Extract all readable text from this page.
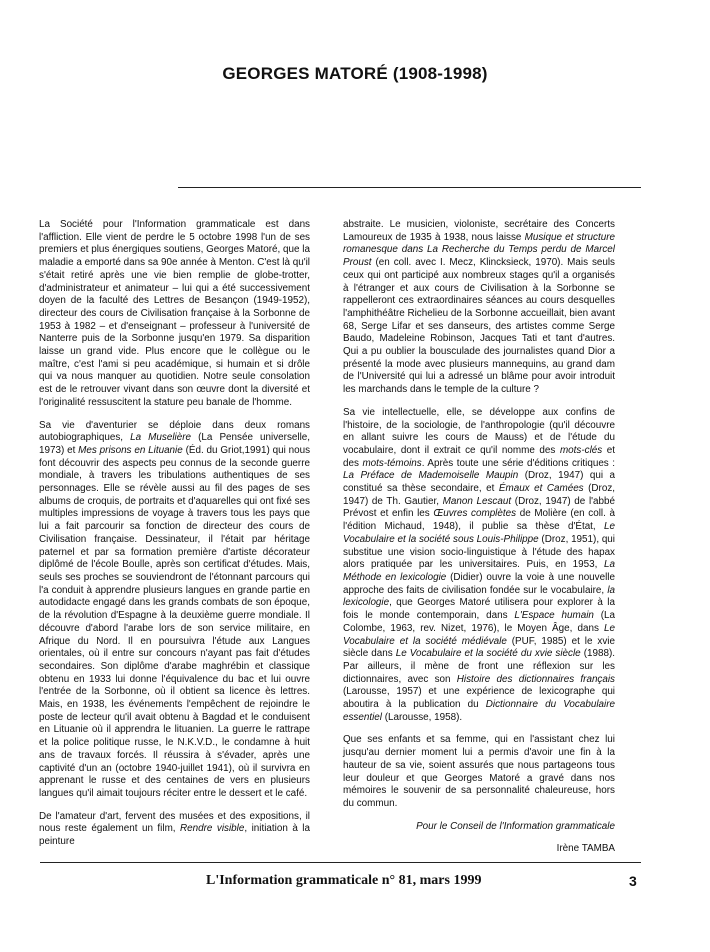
GEORGES MATORÉ (1908-1998)

La Société pour l'Information grammaticale est dans l'affliction. Elle vient de perdre le 5 octobre 1998 l'un de ses premiers et plus énergiques soutiens, Georges Matoré, que la maladie a emporté dans sa 90e année à Menton. C'est là qu'il s'était retiré après une vie bien remplie de globe-trotter, d'administrateur et animateur – lui qui a été successivement doyen de la faculté des Lettres de Besançon (1949-1952), directeur des cours de Civilisation française à la Sorbonne de 1953 à 1982 – et d'enseignant – professeur à l'université de Nanterre puis de la Sorbonne jusqu'en 1979. Sa disparition laisse un grand vide. Plus encore que le collègue ou le maître, c'est l'ami si peu académique, si humain et si drôle qui va nous manquer au quotidien. Notre seule consolation est de le retrouver vivant dans son œuvre dont la diversité et l'originalité ressuscitent la stature peu banale de l'homme.

Sa vie d'aventurier se déploie dans deux romans autobiographiques, La Muselière (La Pensée universelle, 1973) et Mes prisons en Lituanie (Éd. du Griot,1991) qui nous font découvrir des aspects peu connus de la seconde guerre mondiale, à travers les tribulations authentiques de ses personnages. Elle se révèle aussi au fil des pages de ses albums de croquis, de portraits et d'aquarelles qui ont fixé ses multiples impressions de voyage à travers tous les pays que lui a fait parcourir sa fonction de directeur des cours de Civilisation française. Dessinateur, il l'était par héritage paternel et par sa formation première d'artiste décorateur diplômé de l'école Boulle, après son certificat d'études. Mais, seuls ses proches se souviendront de l'étonnant parcours qui l'a conduit à apprendre plusieurs langues en grande partie en autodidacte engagé dans les grands combats de son époque, de la révolution d'Espagne à la deuxième guerre mondiale. Il découvre d'abord l'arabe lors de son service militaire, en Afrique du Nord. Il en poursuivra l'étude aux Langues orientales, où il entre sur concours n'ayant pas fait d'études secondaires. Son diplôme d'arabe maghrébin et classique obtenu en 1933 lui donne l'équivalence du bac et lui ouvre l'entrée de la Sorbonne, où il obtient sa licence ès lettres. Mais, en 1938, les événements l'empêchent de rejoindre le poste de lecteur qu'il avait obtenu à Bagdad et le conduisent en Lituanie où il apprendra le lituanien. La guerre le rattrape et la police politique russe, le N.K.V.D., le condamne à huit ans de travaux forcés. Il réussira à s'évader, après une captivité d'un an (octobre 1940-juillet 1941), où il survivra en apprenant le russe et des centaines de vers en plusieurs langues qu'il aimait toujours réciter entre le dessert et le café.

De l'amateur d'art, fervent des musées et des expositions, il nous reste également un film, Rendre visible, initiation à la peinture

abstraite. Le musicien, violoniste, secrétaire des Concerts Lamoureux de 1935 à 1938, nous laisse Musique et structure romanesque dans La Recherche du Temps perdu de Marcel Proust (en coll. avec I. Mecz, Klincksieck, 1970). Mais seuls ceux qui ont participé aux nombreux stages qu'il a organisés à l'étranger et aux cours de Civilisation à la Sorbonne se rappelleront ces extraordinaires séances au cours desquelles l'amphithéâtre Richelieu de la Sorbonne accueillait, bien avant 68, Serge Lifar et ses danseurs, des artistes comme Serge Baudo, Madeleine Robinson, Jacques Tati et tant d'autres. Qui a pu oublier la bousculade des journalistes quand Dior a présenté la mode avec plusieurs mannequins, au grand dam de l'Université qui lui a adressé un blâme pour avoir introduit les marchands dans le temple de la culture ?

Sa vie intellectuelle, elle, se développe aux confins de l'histoire, de la sociologie, de l'anthropologie (qu'il découvre en allant suivre les cours de Mauss) et de l'étude du vocabulaire, dont il extrait ce qu'il nomme des mots-clés et des mots-témoins. Après toute une série d'éditions critiques : La Préface de Mademoiselle Maupin (Droz, 1947) qui a constitué sa thèse secondaire, et Émaux et Camées (Droz, 1947) de Th. Gautier, Manon Lescaut (Droz, 1947) de l'abbé Prévost et enfin les Œuvres complètes de Molière (en coll. à l'édition Michaud, 1948), il publie sa thèse d'État, Le Vocabulaire et la société sous Louis-Philippe (Droz, 1951), qui substitue une vision socio-linguistique à l'étude des hapax alors pratiquée par les universitaires. Puis, en 1953, La Méthode en lexicologie (Didier) ouvre la voie à une nouvelle approche des faits de civilisation fondée sur le vocabulaire, la lexicologie, que Georges Matoré utilisera pour explorer à la fois le monde contemporain, dans L'Espace humain (La Colombe, 1963, rev. Nizet, 1976), le Moyen Âge, dans Le Vocabulaire et la société médiévale (PUF, 1985) et le xvie siècle dans Le Vocabulaire et la société du xvie siècle (1988). Par ailleurs, il mène de front une réflexion sur les dictionnaires, avec son Histoire des dictionnaires français (Larousse, 1957) et une expérience de lexicographe qui aboutira à la publication du Dictionnaire du Vocabulaire essentiel (Larousse, 1958).

Que ses enfants et sa femme, qui en l'assistant chez lui jusqu'au dernier moment lui a permis d'avoir une fin à la hauteur de sa vie, soient assurés que nous partageons tous leur douleur et que Georges Matoré a gravé dans nos mémoires le souvenir de sa personnalité chaleureuse, hors du commun.

Pour le Conseil de l'Information grammaticale

Irène TAMBA

L'Information grammaticale n° 81, mars 1999	3
